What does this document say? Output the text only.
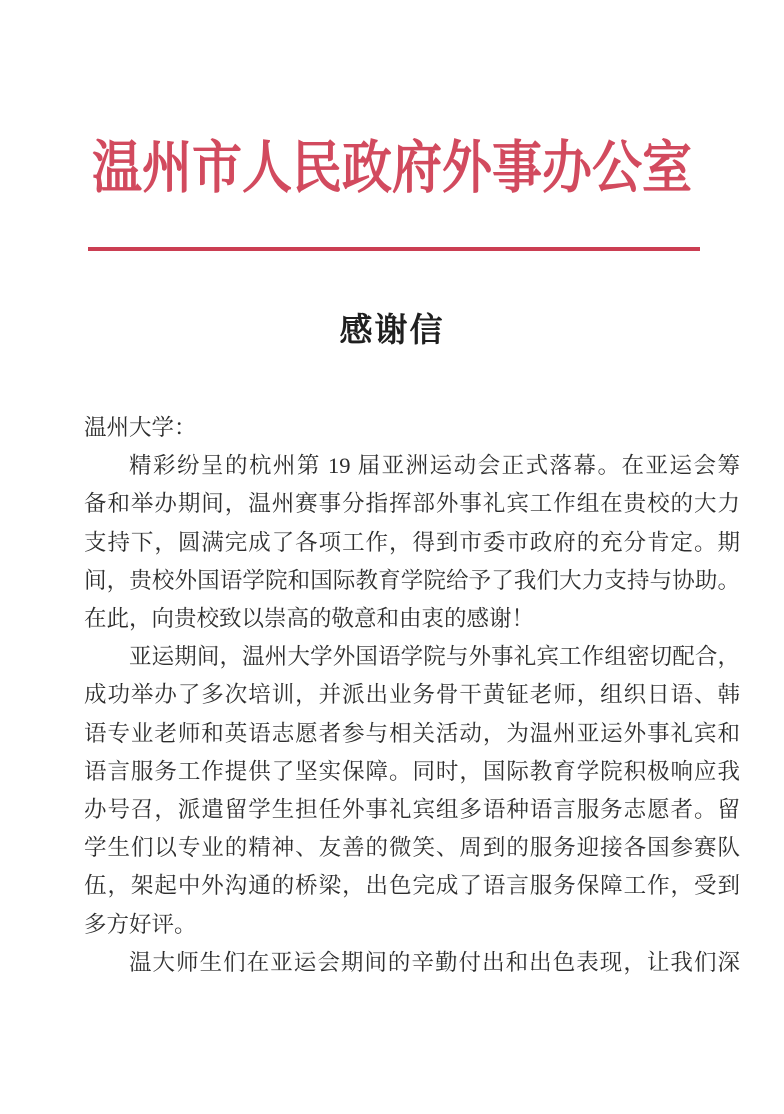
温州市人民政府外事办公室
感谢信
温州大学：
精彩纷呈的杭州第 19 届亚洲运动会正式落幕。在亚运会筹
备和举办期间，温州赛事分指挥部外事礼宾工作组在贵校的大力
支持下，圆满完成了各项工作，得到市委市政府的充分肯定。期
间，贵校外国语学院和国际教育学院给予了我们大力支持与协助。
在此，向贵校致以崇高的敬意和由衷的感谢！
亚运期间，温州大学外国语学院与外事礼宾工作组密切配合，
成功举办了多次培训，并派出业务骨干黄钲老师，组织日语、韩
语专业老师和英语志愿者参与相关活动，为温州亚运外事礼宾和
语言服务工作提供了坚实保障。同时，国际教育学院积极响应我
办号召，派遣留学生担任外事礼宾组多语种语言服务志愿者。留
学生们以专业的精神、友善的微笑、周到的服务迎接各国参赛队
伍，架起中外沟通的桥梁，出色完成了语言服务保障工作，受到
多方好评。
温大师生们在亚运会期间的辛勤付出和出色表现，让我们深
